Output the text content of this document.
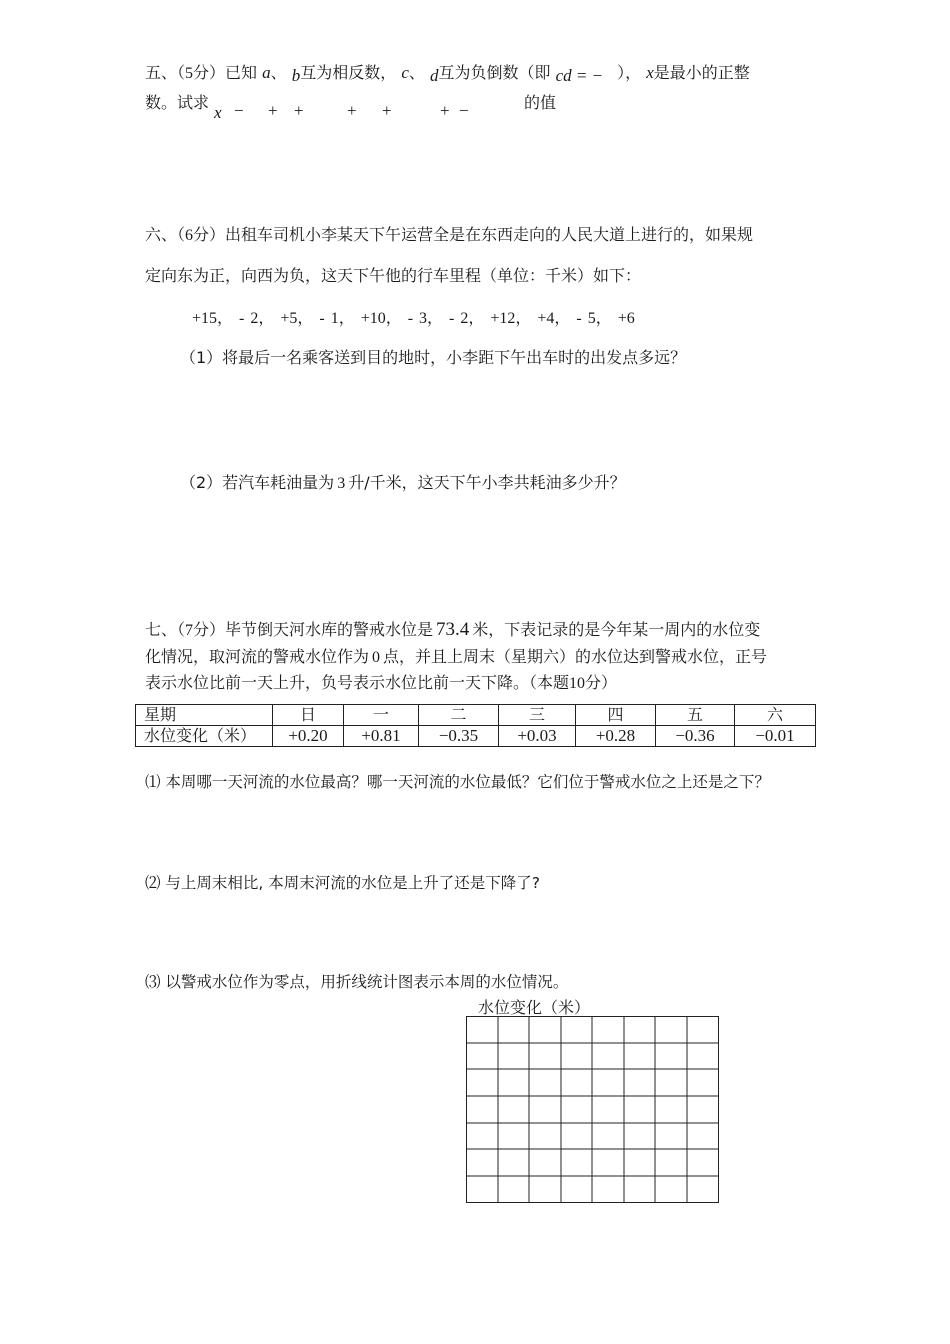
五、（5分）已知 a、 b互为相反数， c、 d互为负倒数（即 cd = − ）， x是最小的正整
数。试求
x − + +	+ +	+ −	的值
六、（6分）出租车司机小李某天下午运营全是在东西走向的人民大道上进行的，如果规
定向东为正，向西为负，这天下午他的行车里程（单位：千米）如下：
+15， - 2， +5， - 1， +10， - 3， - 2， +12， +4， - 5， +6
（1）将最后一名乘客送到目的地时，小李距下午出车时的出发点多远？
（2）若汽车耗油量为 3 升/千米，这天下午小李共耗油多少升？
七、（7分）毕节倒天河水库的警戒水位是 73.4 米，下表记录的是今年某一周内的水位变
化情况，取河流的警戒水位作为 0 点，并且上周末（星期六）的水位达到警戒水位，正号
表示水位比前一天上升，负号表示水位比前一天下降。（本题10分）
星期	日	一	二	三	四	五	六
水位变化（米）	+0.20	+0.81	−0.35	+0.03	+0.28	−0.36	−0.01
⑴ 本周哪一天河流的水位最高？哪一天河流的水位最低？它们位于警戒水位之上还是之下？
⑵ 与上周末相比, 本周末河流的水位是上升了还是下降了?
⑶ 以警戒水位作为零点，用折线统计图表示本周的水位情况。
水位变化（米）
